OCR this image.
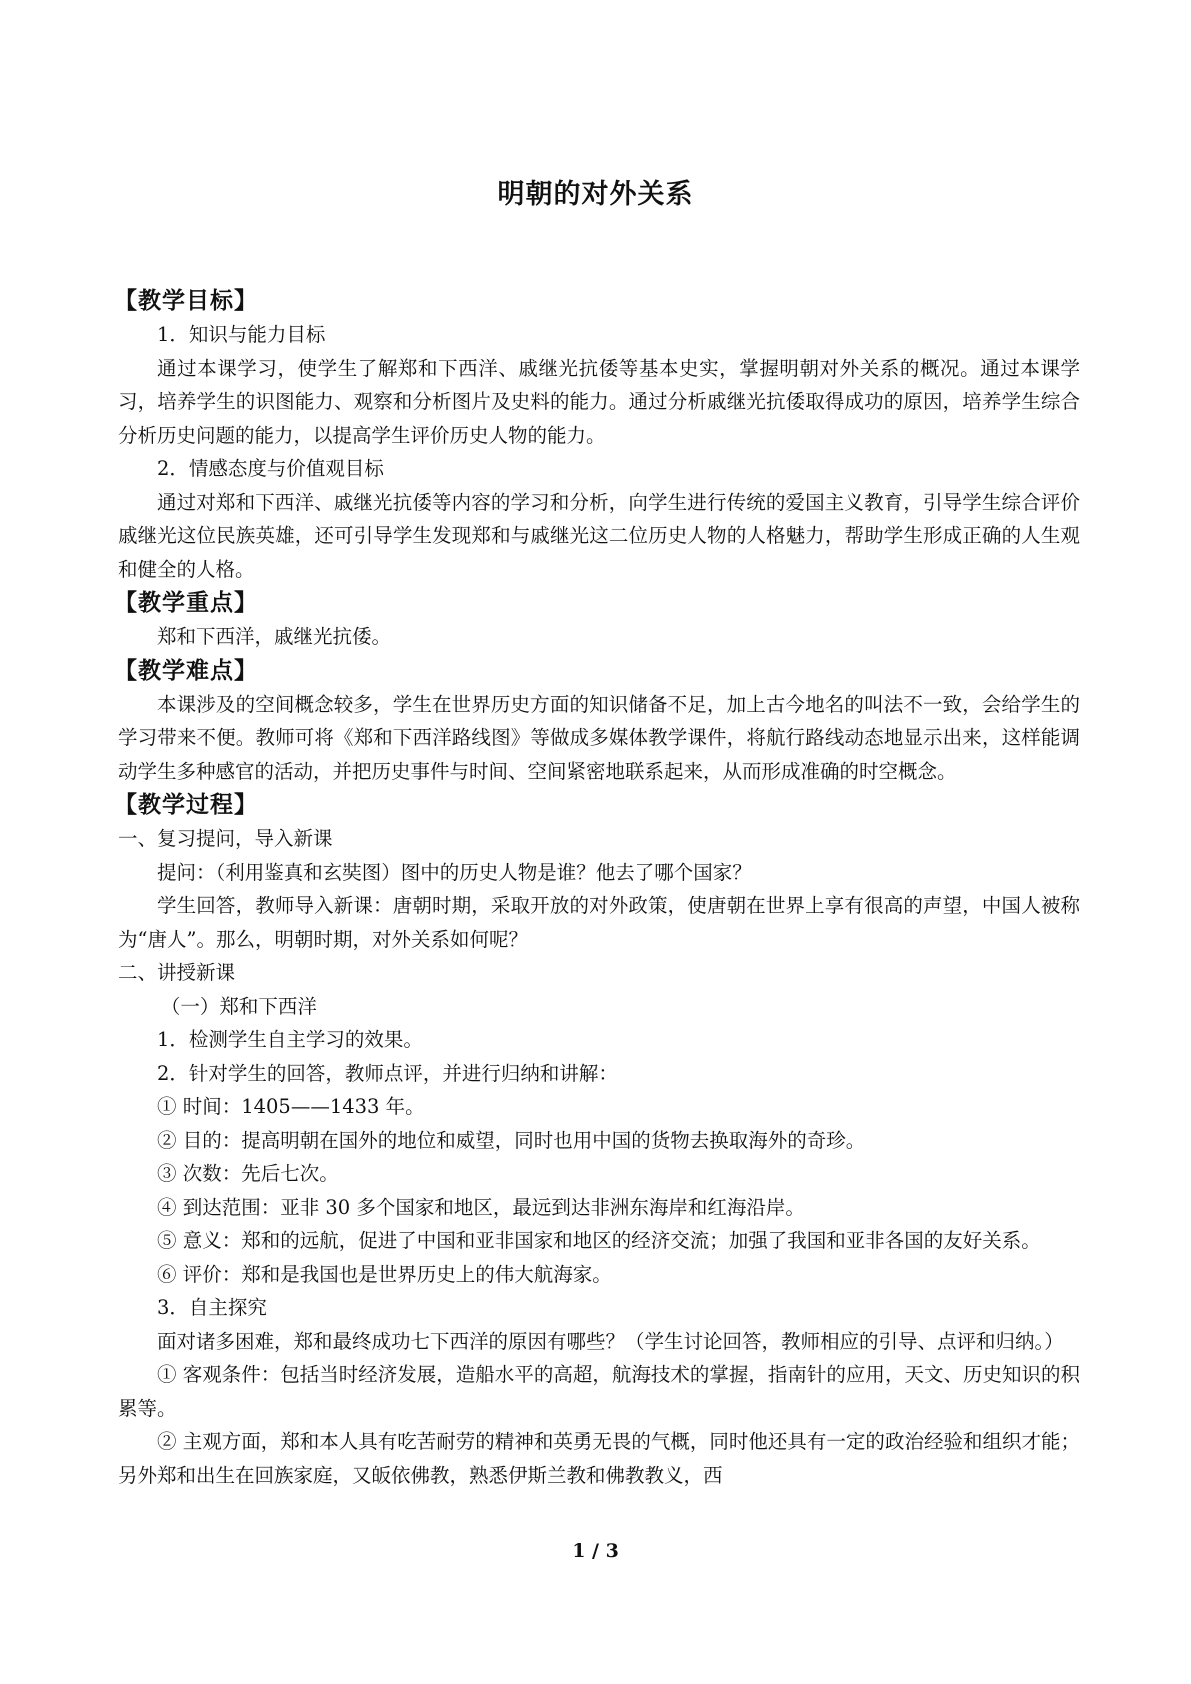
明朝的对外关系
【教学目标】

1．知识与能力目标

通过本课学习，使学生了解郑和下西洋、戚继光抗倭等基本史实，掌握明朝对外关系的概况。通过本课学习，培养学生的识图能力、观察和分析图片及史料的能力。通过分析戚继光抗倭取得成功的原因，培养学生综合分析历史问题的能力，以提高学生评价历史人物的能力。

2．情感态度与价值观目标

通过对郑和下西洋、戚继光抗倭等内容的学习和分析，向学生进行传统的爱国主义教育，引导学生综合评价戚继光这位民族英雄，还可引导学生发现郑和与戚继光这二位历史人物的人格魅力，帮助学生形成正确的人生观和健全的人格。

【教学重点】

郑和下西洋，戚继光抗倭。

【教学难点】

本课涉及的空间概念较多，学生在世界历史方面的知识储备不足，加上古今地名的叫法不一致，会给学生的学习带来不便。教师可将《郑和下西洋路线图》等做成多媒体教学课件，将航行路线动态地显示出来，这样能调动学生多种感官的活动，并把历史事件与时间、空间紧密地联系起来，从而形成准确的时空概念。

【教学过程】

一、复习提问，导入新课

提问：（利用鉴真和玄奘图）图中的历史人物是谁？他去了哪个国家？

学生回答，教师导入新课：唐朝时期，采取开放的对外政策，使唐朝在世界上享有很高的声望，中国人被称为“唐人”。那么，明朝时期，对外关系如何呢？

二、讲授新课

（一）郑和下西洋

1．检测学生自主学习的效果。

2．针对学生的回答，教师点评，并进行归纳和讲解：

① 时间：1405——1433 年。

② 目的：提高明朝在国外的地位和威望，同时也用中国的货物去换取海外的奇珍。

③ 次数：先后七次。

④ 到达范围：亚非 30 多个国家和地区，最远到达非洲东海岸和红海沿岸。

⑤ 意义：郑和的远航，促进了中国和亚非国家和地区的经济交流；加强了我国和亚非各国的友好关系。

⑥ 评价：郑和是我国也是世界历史上的伟大航海家。

3．自主探究

面对诸多困难，郑和最终成功七下西洋的原因有哪些？（学生讨论回答，教师相应的引导、点评和归纳。）

① 客观条件：包括当时经济发展，造船水平的高超，航海技术的掌握，指南针的应用，天文、历史知识的积累等。

② 主观方面，郑和本人具有吃苦耐劳的精神和英勇无畏的气概，同时他还具有一定的政治经验和组织才能；另外郑和出生在回族家庭，又皈依佛教，熟悉伊斯兰教和佛教教义，西

1 / 3
